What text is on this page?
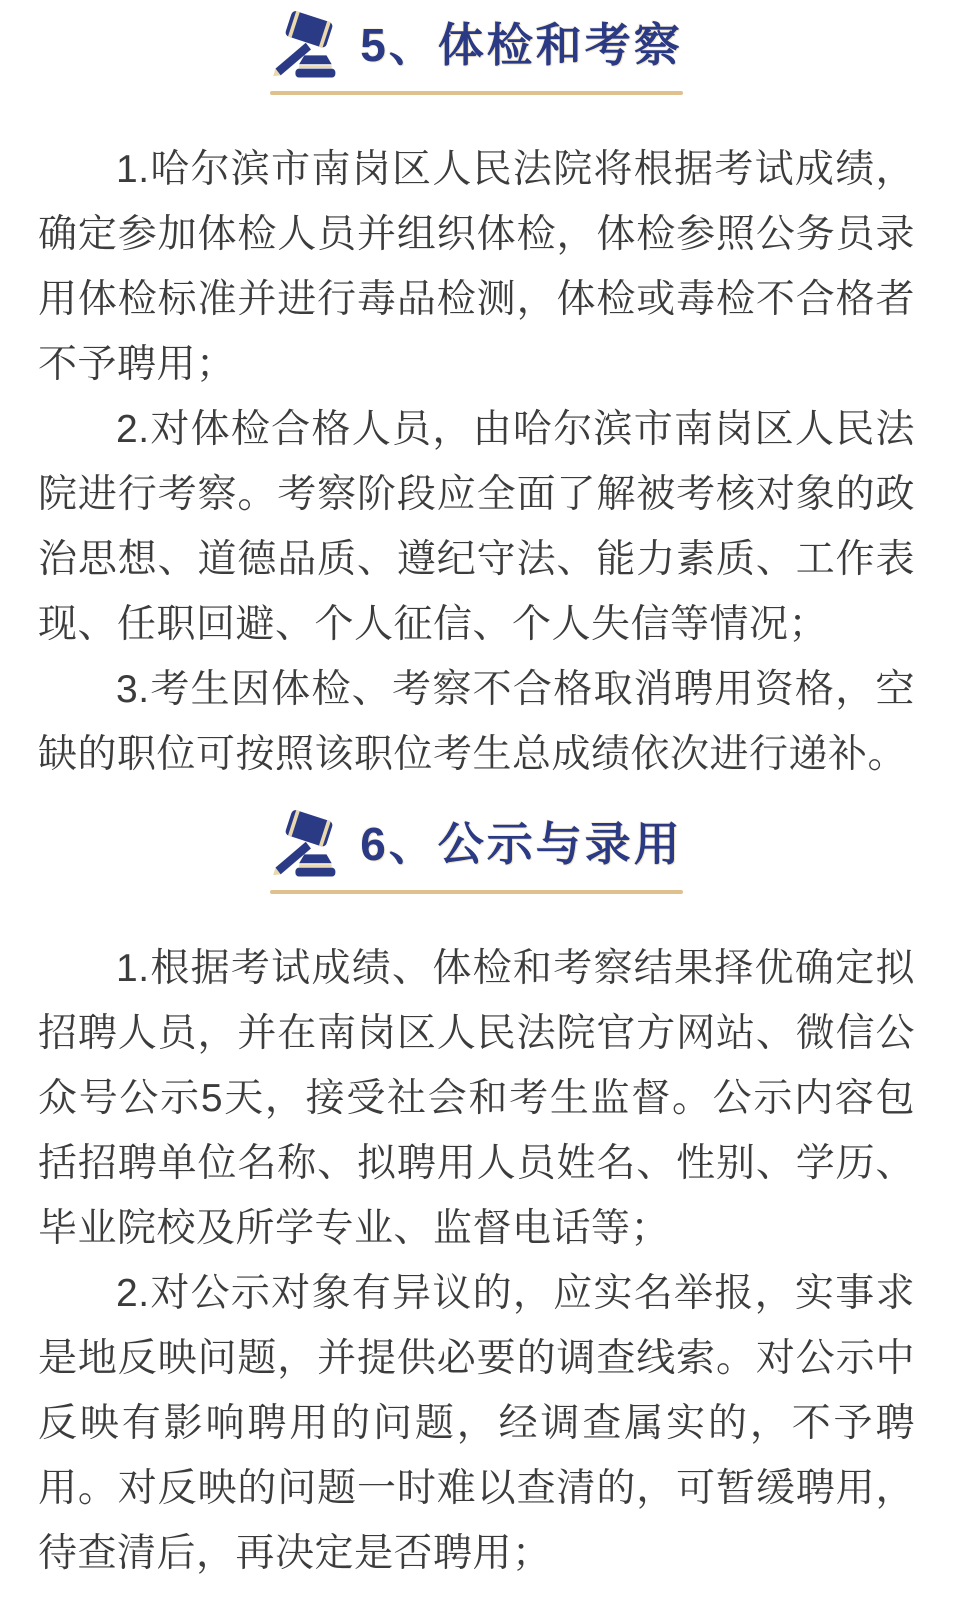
5、体检和考察

1.哈尔滨市南岗区人民法院将根据考试成绩，确定参加体检人员并组织体检，体检参照公务员录用体检标准并进行毒品检测，体检或毒检不合格者不予聘用；

2.对体检合格人员，由哈尔滨市南岗区人民法院进行考察。考察阶段应全面了解被考核对象的政治思想、道德品质、遵纪守法、能力素质、工作表现、任职回避、个人征信、个人失信等情况；

3.考生因体检、考察不合格取消聘用资格，空缺的职位可按照该职位考生总成绩依次进行递补。

6、公示与录用

1.根据考试成绩、体检和考察结果择优确定拟招聘人员，并在南岗区人民法院官方网站、微信公众号公示5天，接受社会和考生监督。公示内容包括招聘单位名称、拟聘用人员姓名、性别、学历、毕业院校及所学专业、监督电话等；

2.对公示对象有异议的，应实名举报，实事求是地反映问题，并提供必要的调查线索。对公示中反映有影响聘用的问题，经调查属实的，不予聘用。对反映的问题一时难以查清的，可暂缓聘用，待查清后，再决定是否聘用；
